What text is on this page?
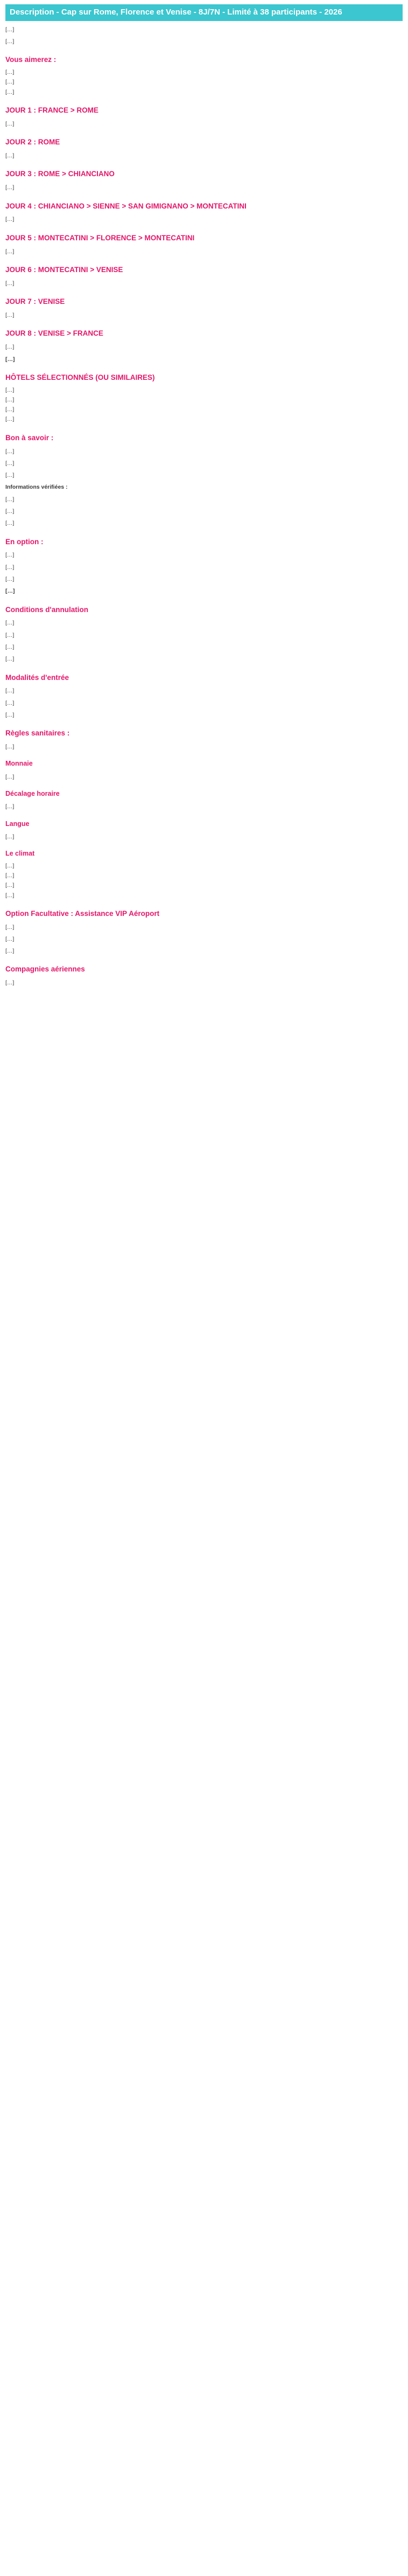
Description - Cap sur Rome, Florence et Venise - 8J/7N - Limité à 38 participants - 2026

[…]

[…]

Vous aimerez :
[…]
[…]
[…]
JOUR 1 : FRANCE > ROME

[…]

JOUR 2 : ROME

[…]

JOUR 3 : ROME > CHIANCIANO

[…]

JOUR 4 : CHIANCIANO > SIENNE > SAN GIMIGNANO > MONTECATINI

[…]

JOUR 5 : MONTECATINI > FLORENCE > MONTECATINI

[…]

JOUR 6 : MONTECATINI > VENISE

[…]

JOUR 7 : VENISE

[…]

JOUR 8 : VENISE > FRANCE

[…]

[…]

HÔTELS SÉLECTIONNÉS (OU SIMILAIRES)
[…]
[…]
[…]
[…]
Bon à savoir :

[…]

[…]

[…]

Informations vérifiées :

[…]

[…]

[…]

En option :

[…]

[…]

[…]

[…]

Conditions d'annulation

[…]

[…]

[…]

[…]

Modalités d'entrée

[…]

[…]

[…]

Règles sanitaires :

[…]

Monnaie

[…]

Décalage horaire

[…]

Langue

[…]

Le climat
[…]
[…]
[…]
[…]
Option Facultative : Assistance VIP Aéroport

[…]

[…]

[…]

Compagnies aériennes

[…]
